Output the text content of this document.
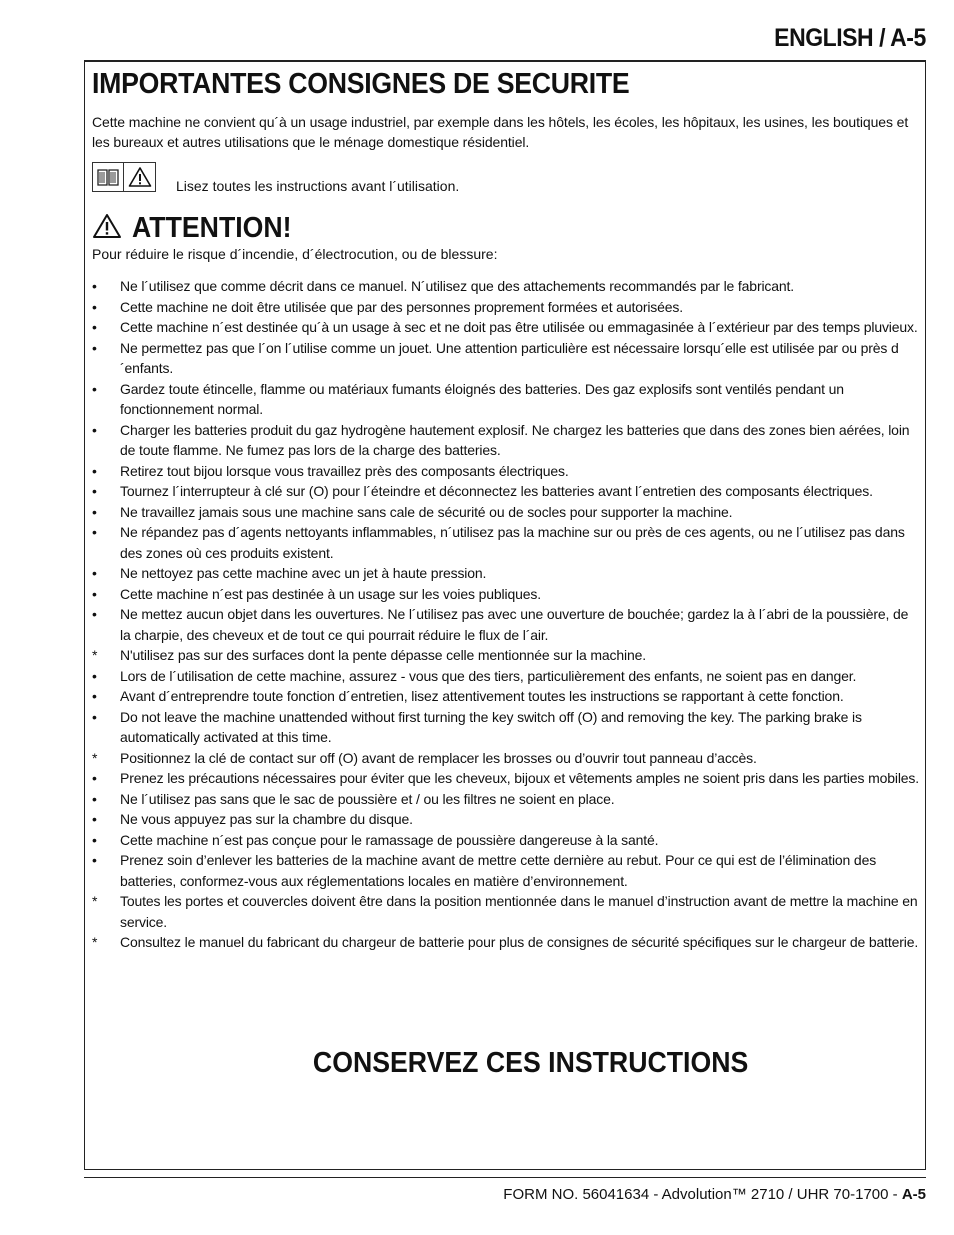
ENGLISH / A-5
IMPORTANTES CONSIGNES DE SECURITE
Cette machine ne convient qu´à un usage industriel, par exemple dans les hôtels, les écoles, les hôpitaux, les usines, les boutiques et les bureaux et autres utilisations que le ménage domestique résidentiel.
Lisez toutes les instructions avant l´utilisation.
ATTENTION!
Pour réduire le risque d´incendie, d´électrocution, ou de blessure:
•	Ne l´utilisez que comme décrit dans ce manuel. N´utilisez que des attachements recommandés par le fabricant.
•	Cette machine ne doit être utilisée que par des personnes proprement formées et autorisées.
•	Cette machine n´est destinée qu´à un usage à sec et ne doit pas être utilisée ou emmagasinée à l´extérieur par des temps pluvieux.
•	Ne permettez pas que l´on l´utilise comme un jouet. Une attention particulière est nécessaire lorsqu´elle est utilisée par ou près d´enfants.
•	Gardez toute étincelle, flamme ou matériaux fumants éloignés des batteries. Des gaz explosifs sont ventilés pendant un fonctionnement normal.
•	Charger les batteries produit du gaz hydrogène hautement explosif. Ne chargez les batteries que dans des zones bien aérées, loin de toute flamme. Ne fumez pas lors de la charge des batteries.
•	Retirez tout bijou lorsque vous travaillez près des composants électriques.
•	Tournez l´interrupteur à clé sur (O) pour l´éteindre et déconnectez les batteries avant l´entretien des composants électriques.
•	Ne travaillez jamais sous une machine sans cale de sécurité ou de socles pour supporter la machine.
•	Ne répandez pas d´agents nettoyants inflammables, n´utilisez pas la machine sur ou près de ces agents, ou ne l´utilisez pas dans des zones où ces produits existent.
•	Ne nettoyez pas cette machine avec un jet à haute pression.
•	Cette machine n´est pas destinée à un usage sur les voies publiques.
•	Ne mettez aucun objet dans les ouvertures. Ne l´utilisez pas avec une ouverture de bouchée; gardez la à l´abri de la poussière, de la charpie, des cheveux et de tout ce qui pourrait réduire le flux de l´air.
*	N'utilisez pas sur des surfaces dont la pente dépasse celle mentionnée sur la machine.
•	Lors de l´utilisation de cette machine, assurez - vous que des tiers, particulièrement des enfants, ne soient pas en danger.
•	Avant d´entreprendre toute fonction d´entretien, lisez attentivement toutes les instructions se rapportant à cette fonction.
•	Do not leave the machine unattended without first turning the key switch off (O) and removing the key. The parking brake is automatically activated at this time.
*	Positionnez la clé de contact sur off (O) avant de remplacer les brosses ou d’ouvrir tout panneau d’accès.
•	Prenez les précautions nécessaires pour éviter que les cheveux, bijoux et vêtements amples ne soient pris dans les parties mobiles.
•	Ne l´utilisez pas sans que le sac de poussière et / ou les filtres ne soient en place.
•	Ne vous appuyez pas sur la chambre du disque.
•	Cette machine n´est pas conçue pour le ramassage de poussière dangereuse à la santé.
•	Prenez soin d’enlever les batteries de la machine avant de mettre cette dernière au rebut. Pour ce qui est de l’élimination des batteries, conformez-vous aux réglementations locales en matière d’environnement.
*	Toutes les portes et couvercles doivent être dans la position mentionnée dans le manuel d’instruction avant de mettre la machine en service.
*	Consultez le manuel du fabricant du chargeur de batterie pour plus de consignes de sécurité spécifiques sur le chargeur de batterie.
CONSERVEZ CES INSTRUCTIONS
FORM NO. 56041634 - Advolution™ 2710 / UHR 70-1700 - A-5
